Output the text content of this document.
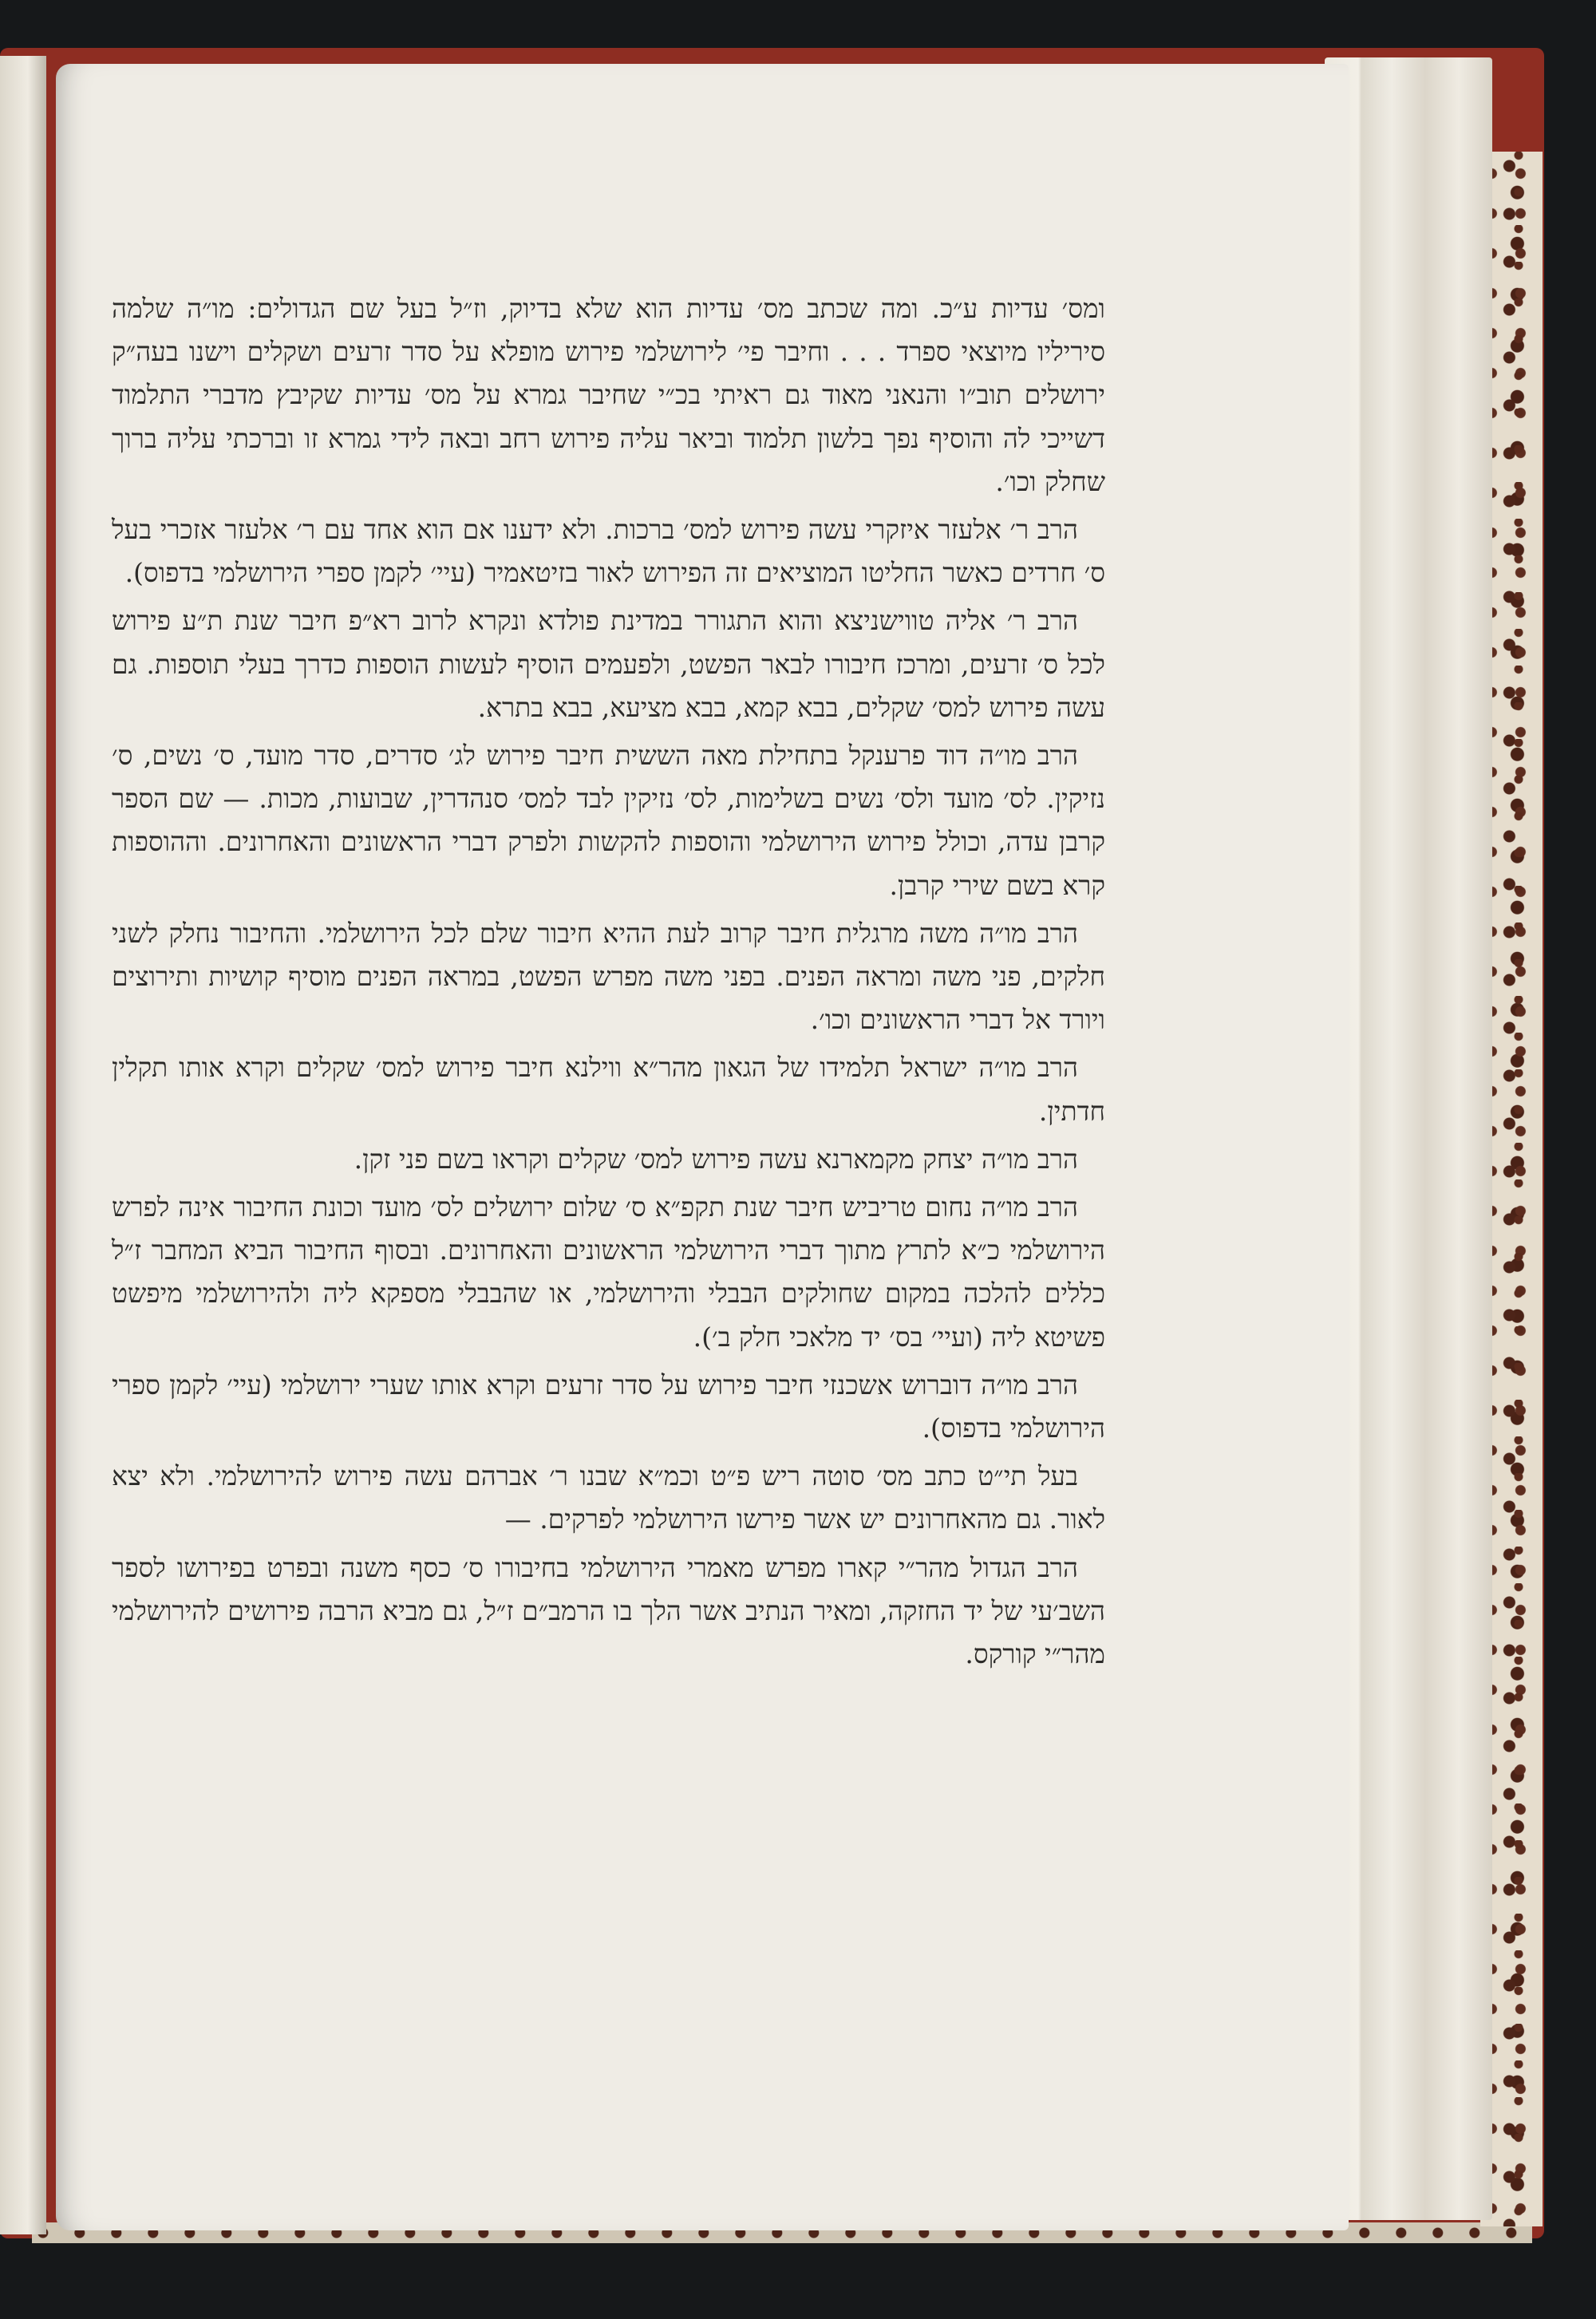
ומס׳ עדיות ע״כ. ומה שכתב מס׳ עדיות הוא שלא בדיוק, וז״ל בעל שם הגדולים: מו״ה שלמה סיריליו מיוצאי ספרד . . . וחיבר פי׳ לירושלמי פירוש מופלא על סדר זרעים ושקלים וישנו בעה״ק ירושלים תוב״ו והנאני מאוד גם ראיתי בכ״י שחיבר גמרא על מס׳ עדיות שקיבץ מדברי התלמוד דשייכי לה והוסיף נפך בלשון תלמוד וביאר עליה פירוש רחב ובאה לידי גמרא זו וברכתי עליה ברוך שחלק וכו׳.

הרב ר׳ אלעזר איזקרי עשה פירוש למס׳ ברכות. ולא ידענו אם הוא אחד עם ר׳ אלעזר אזכרי בעל ס׳ חרדים כאשר החליטו המוציאים זה הפירוש לאור בזיטאמיר (עיי׳ לקמן ספרי הירושלמי בדפוס).

הרב ר׳ אליה טווישניצא והוא התגורר במדינת פולדא ונקרא לרוב רא״פ חיבר שנת ת״ע פירוש לכל ס׳ זרעים, ומרכז חיבורו לבאר הפשט, ולפעמים הוסיף לעשות הוספות כדרך בעלי תוספות. גם עשה פירוש למס׳ שקלים, בבא קמא, בבא מציעא, בבא בתרא.

הרב מו״ה דוד פרענקל בתחילת מאה הששית חיבר פירוש לג׳ סדרים, סדר מועד, ס׳ נשים, ס׳ נזיקין. לס׳ מועד ולס׳ נשים בשלימות, לס׳ נזיקין לבד למס׳ סנהדרין, שבועות, מכות. — שם הספר קרבן עדה, וכולל פירוש הירושלמי והוספות להקשות ולפרק דברי הראשונים והאחרונים. וההוספות קרא בשם שירי קרבן.

הרב מו״ה משה מרגלית חיבר קרוב לעת ההיא חיבור שלם לכל הירושלמי. והחיבור נחלק לשני חלקים, פני משה ומראה הפנים. בפני משה מפרש הפשט, במראה הפנים מוסיף קושיות ותירוצים ויורד אל דברי הראשונים וכו׳.

הרב מו״ה ישראל תלמידו של הגאון מהר״א ווילנא חיבר פירוש למס׳ שקלים וקרא אותו תקלין חדתין.

הרב מו״ה יצחק מקמארנא עשה פירוש למס׳ שקלים וקראו בשם פני זקן.

הרב מו״ה נחום טריביש חיבר שנת תקפ״א ס׳ שלום ירושלים לס׳ מועד וכונת החיבור אינה לפרש הירושלמי כ״א לתרץ מתוך דברי הירושלמי הראשונים והאחרונים. ובסוף החיבור הביא המחבר ז״ל כללים להלכה במקום שחולקים הבבלי והירושלמי, או שהבבלי מספקא ליה ולהירושלמי מיפשט פשיטא ליה (ועיי׳ בס׳ יד מלאכי חלק ב׳).

הרב מו״ה דוברוש אשכנזי חיבר פירוש על סדר זרעים וקרא אותו שערי ירושלמי (עיי׳ לקמן ספרי הירושלמי בדפוס).

בעל תי״ט כתב מס׳ סוטה ריש פ״ט וכמ״א שבנו ר׳ אברהם עשה פירוש להירושלמי. ולא יצא לאור. גם מהאחרונים יש אשר פירשו הירושלמי לפרקים. —

הרב הגדול מהר״י קארו מפרש מאמרי הירושלמי בחיבורו ס׳ כסף משנה ובפרט בפירושו לספר השב׳עי של יד החזקה, ומאיר הנתיב אשר הלך בו הרמב״ם ז״ל, גם מביא הרבה פירושים להירושלמי מהר״י קורקס.
